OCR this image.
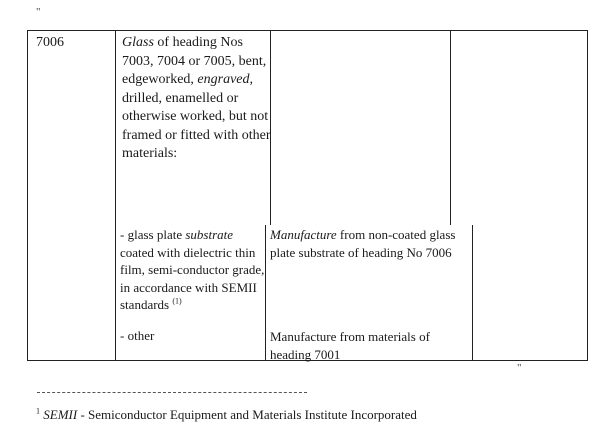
"
7006	Glass of heading Nos 7003, 7004 or 7005, bent, edgeworked, engraved, drilled, enamelled or otherwise worked, but not framed or fitted with other materials:
- glass plate substrate coated with dielectric thin film, semi-conductor grade, in accordance with SEMII standards $^{(1)}$
Manufacture from non-coated glass plate substrate of heading No 7006
- other	Manufacture from materials of heading 7001
"
$^1$ SEMII - Semiconductor Equipment and Materials Institute Incorporated
